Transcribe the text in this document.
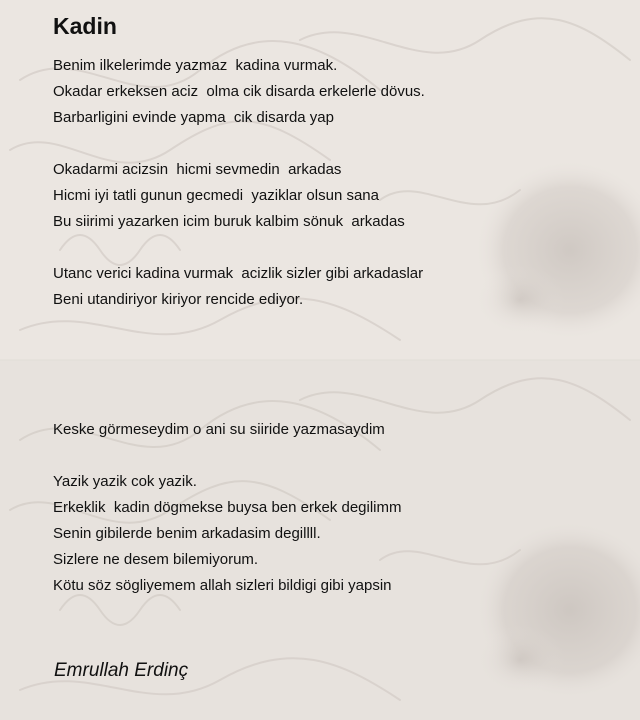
Kadin
Benim ilkelerimde yazmaz  kadina vurmak.
Okadar erkeksen aciz  olma cik disarda erkelerle dövus.
Barbarligini evinde yapma  cik disarda yap
Okadarmi acizsin  hicmi sevmedin  arkadas
Hicmi iyi tatli gunun gecmedi  yaziklar olsun sana
Bu siirimi yazarken icim buruk kalbim sönuk  arkadas
Utanc verici kadina vurmak  acizlik sizler gibi arkadaslar
Beni utandiriyor kiriyor rencide ediyor.
Keske görmeseydim o ani su siiride yazmasaydim
Yazik yazik cok yazik.
Erkeklik  kadin dögmekse buysa ben erkek degilimm
Senin gibilerde benim arkadasim degillll.
Sizlere ne desem bilemiyorum.
Kötu söz sögliyemem allah sizleri bildigi gibi yapsin
Emrullah Erdinç
